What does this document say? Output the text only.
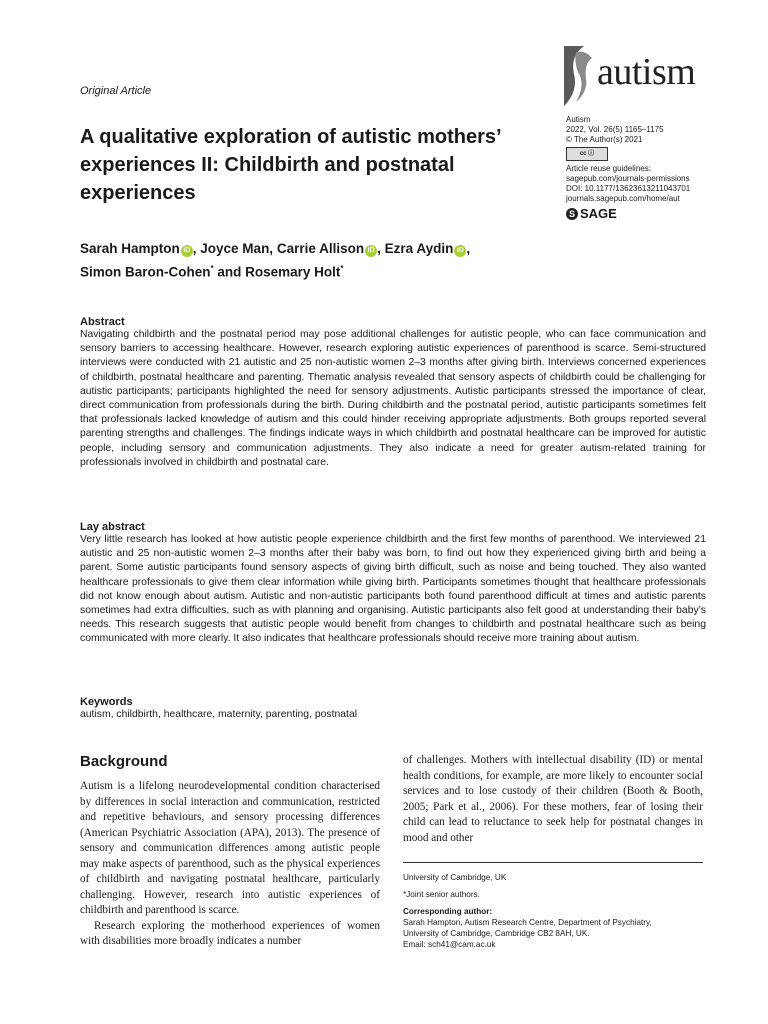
Original Article
A qualitative exploration of autistic mothers’ experiences II: Childbirth and postnatal experiences
autism
Autism
2022, Vol. 26(5) 1165–1175
© The Author(s) 2021
cc ⓘ
Article reuse guidelines:
sagepub.com/journals-permissions
DOI: 10.1177/13623613211043701
journals.sagepub.com/home/aut
S SAGE
Sarah Hampton iD , Joyce Man, Carrie Allison iD , Ezra Aydin iD ,
Simon Baron-Cohen* and Rosemary Holt*
Abstract
Navigating childbirth and the postnatal period may pose additional challenges for autistic people, who can face communication and sensory barriers to accessing healthcare. However, research exploring autistic experiences of parenthood is scarce. Semi-structured interviews were conducted with 21 autistic and 25 non-autistic women 2–3 months after giving birth. Interviews concerned experiences of childbirth, postnatal healthcare and parenting. Thematic analysis revealed that sensory aspects of childbirth could be challenging for autistic participants; participants highlighted the need for sensory adjustments. Autistic participants stressed the importance of clear, direct communication from professionals during the birth. During childbirth and the postnatal period, autistic participants sometimes felt that professionals lacked knowledge of autism and this could hinder receiving appropriate adjustments. Both groups reported several parenting strengths and challenges. The findings indicate ways in which childbirth and postnatal healthcare can be improved for autistic people, including sensory and communication adjustments. They also indicate a need for greater autism-related training for professionals involved in childbirth and postnatal care.
Lay abstract
Very little research has looked at how autistic people experience childbirth and the first few months of parenthood. We interviewed 21 autistic and 25 non-autistic women 2–3 months after their baby was born, to find out how they experienced giving birth and being a parent. Some autistic participants found sensory aspects of giving birth difficult, such as noise and being touched. They also wanted healthcare professionals to give them clear information while giving birth. Participants sometimes thought that healthcare professionals did not know enough about autism. Autistic and non-autistic participants both found parenthood difficult at times and autistic parents sometimes had extra difficulties, such as with planning and organising. Autistic participants also felt good at understanding their baby’s needs. This research suggests that autistic people would benefit from changes to childbirth and postnatal healthcare such as being communicated with more clearly. It also indicates that healthcare professionals should receive more training about autism.
Keywords
autism, childbirth, healthcare, maternity, parenting, postnatal
Background

Autism is a lifelong neurodevelopmental condition characterised by differences in social interaction and communication, restricted and repetitive behaviours, and sensory processing differences (American Psychiatric Association (APA), 2013). The presence of sensory and communication differences among autistic people may make aspects of parenthood, such as the physical experiences of childbirth and navigating postnatal healthcare, particularly challenging. However, research into autistic experiences of childbirth and parenthood is scarce.

Research exploring the motherhood experiences of women with disabilities more broadly indicates a number

of challenges. Mothers with intellectual disability (ID) or mental health conditions, for example, are more likely to encounter social services and to lose custody of their children (Booth & Booth, 2005; Park et al., 2006). For these mothers, fear of losing their child can lead to reluctance to seek help for postnatal changes in mood and other

University of Cambridge, UK

*Joint senior authors.

Corresponding author:

Sarah Hampton, Autism Research Centre, Department of Psychiatry,

University of Cambridge, Cambridge CB2 8AH, UK.

Email: sch41@cam.ac.uk
